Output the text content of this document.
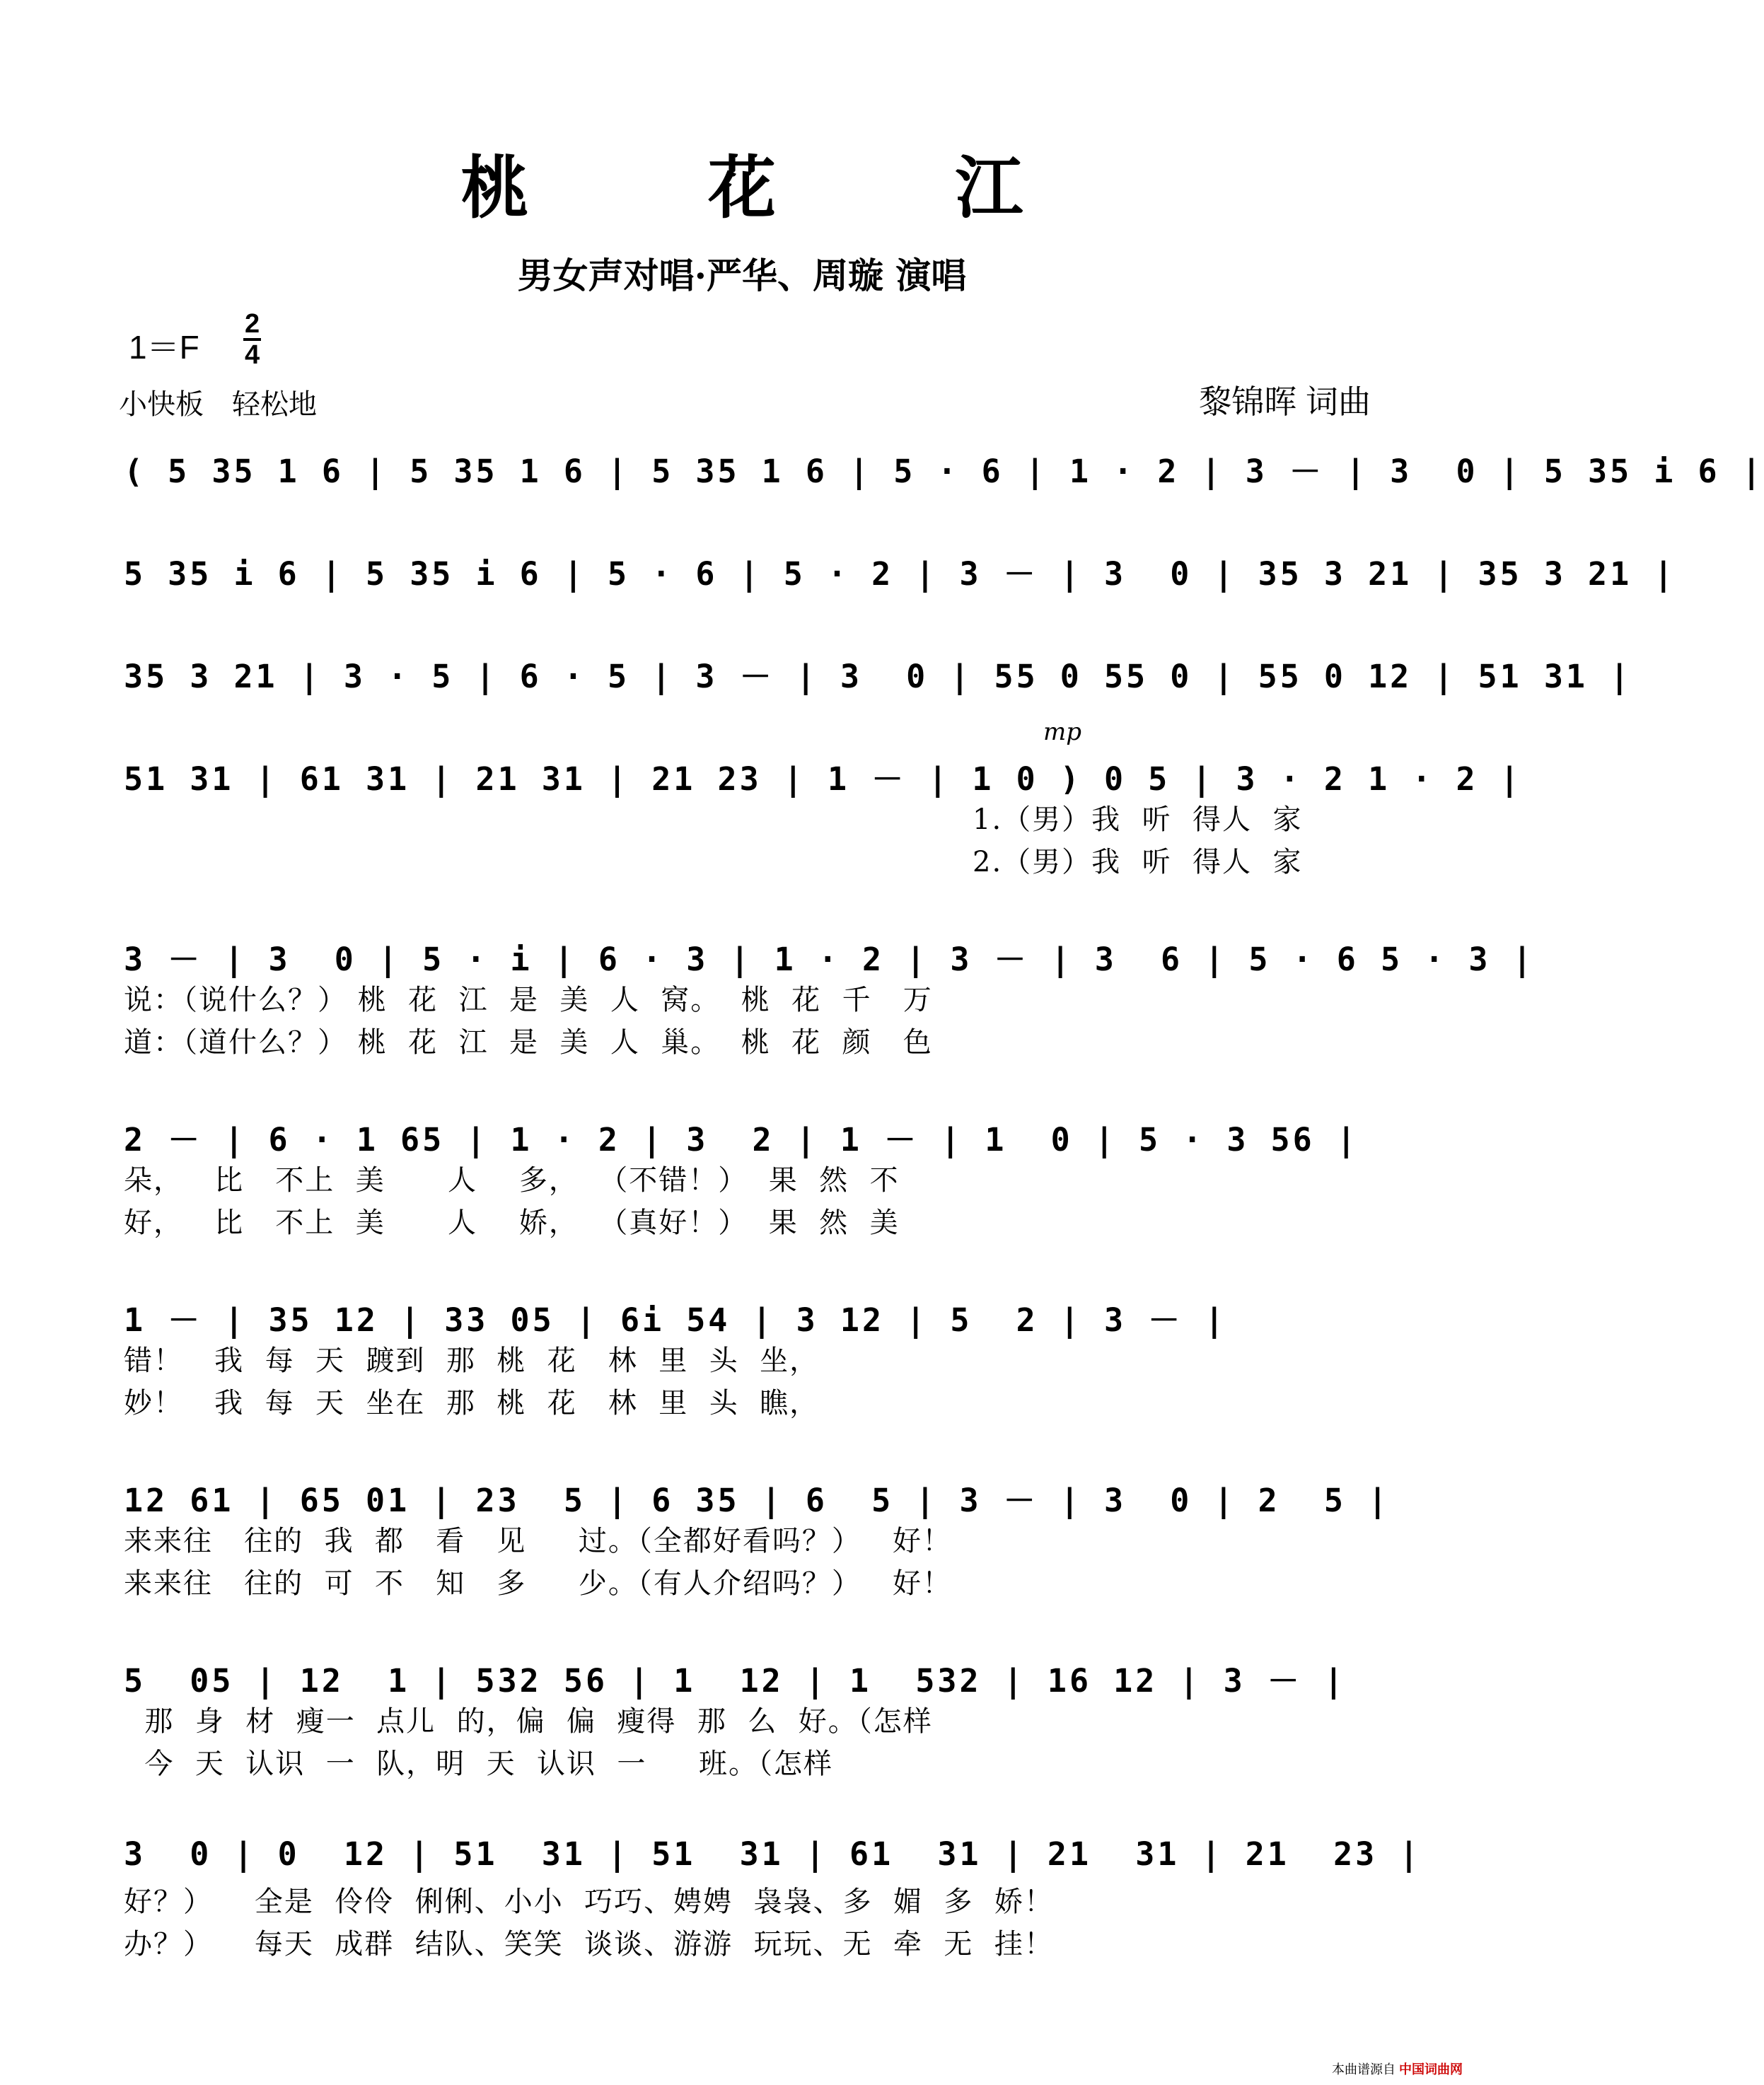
桃 花 江
男女声对唱·严华、周璇 演唱
1＝F
2
4
小快板　轻松地	黎锦晖 词曲
( 5 35 1 6 | 5 35 1 6 | 5 35 1 6 | 5 · 6 | 1 · 2 | 3 － | 3  0 | 5 35 i 6 |
5 35 i 6 | 5 35 i 6 | 5 · 6 | 5 · 2 | 3 － | 3  0 | 35 3 21 | 35 3 21 |
35 3 21 | 3 · 5 | 6 · 5 | 3 － | 3  0 | 55 0 55 0 | 55 0 12 | 51 31 |
mp
51 31 | 61 31 | 21 31 | 21 23 | 1 － | 1 0 ) 0 5 | 3 · 2 1 · 2 |
1.（男）我  听  得人  家
2.（男）我  听  得人  家
3 － | 3  0 | 5 · i | 6 · 3 | 1 · 2 | 3 － | 3  6 | 5 · 6 5 · 3 |
说：（说什么？） 桃  花  江  是  美  人  窝。  桃  花  千   万
道：（道什么？） 桃  花  江  是  美  人  巢。  桃  花  颜   色
2 － | 6 · 1 65 | 1 · 2 | 3  2 | 1 － | 1  0 | 5 · 3 56 |
朵，   比   不上  美      人    多，  （不错！）  果  然  不
好，   比   不上  美      人    娇，  （真好！）  果  然  美
1 － | 35 12 | 33 05 | 6i 54 | 3 12 | 5  2 | 3 － |
错！   我  每  天  踱到  那  桃  花   林  里  头  坐，
妙！   我  每  天  坐在  那  桃  花   林  里  头  瞧，
12 61 | 65 01 | 23  5 | 6 35 | 6  5 | 3 － | 3  0 | 2  5 |
来来往   往的  我  都   看   见     过。（全都好看吗？）   好！
来来往   往的  可  不   知   多     少。（有人介绍吗？）   好！
5  05 | 12  1 | 532 56 | 1  12 | 1  532 | 16 12 | 3 － |
那  身  材  瘦一  点儿  的，偏  偏  瘦得  那  么  好。（怎样
今  天  认识  一  队，明  天  认识  一     班。（怎样
3  0 | 0  12 | 51  31 | 51  31 | 61  31 | 21  31 | 21  23 |
好？）    全是  伶伶  俐俐、小小  巧巧、娉娉  袅袅、多  媚  多  娇！
办？）    每天  成群  结队、笑笑  谈谈、游游  玩玩、无  牵  无  挂！
本曲谱源自 中国词曲网
